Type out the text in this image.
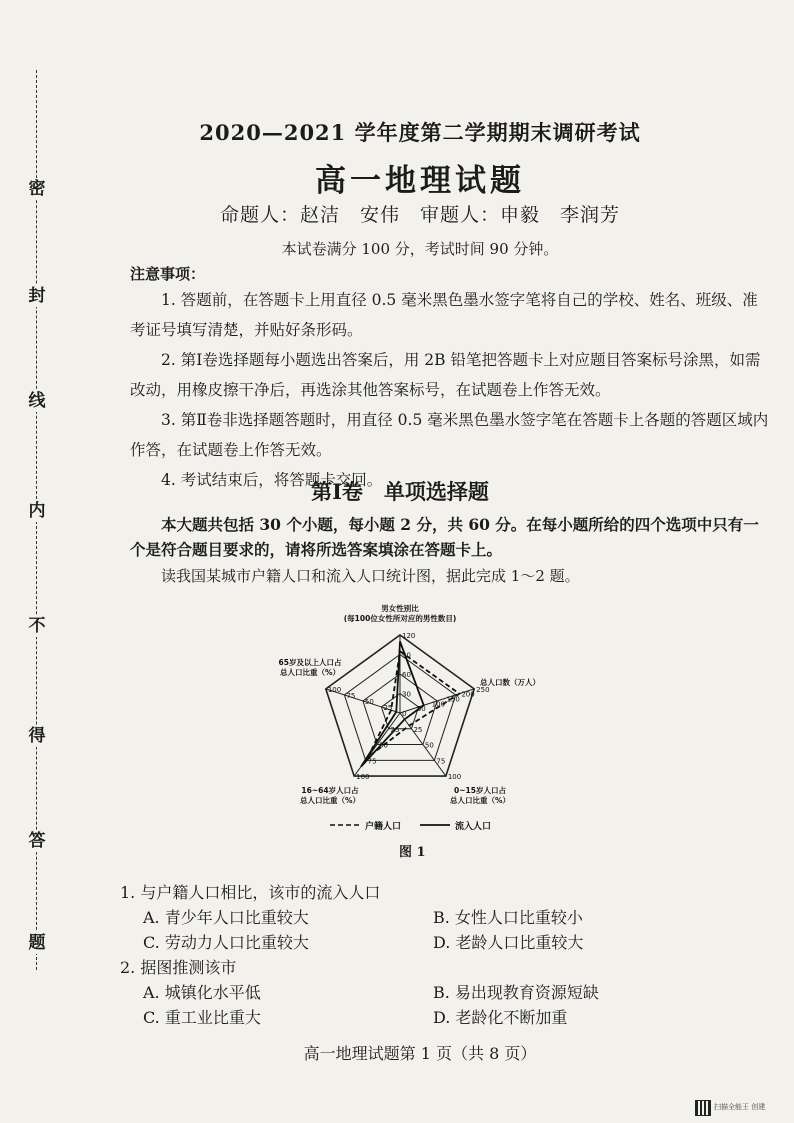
密
封
线
内
不
得
答
题
2020—2021 学年度第二学期期末调研考试
高一地理试题
命题人：赵洁　安伟　审题人：申毅　李润芳
本试卷满分 100 分，考试时间 90 分钟。
注意事项：

1. 答题前，在答题卡上用直径 0.5 毫米黑色墨水签字笔将自己的学校、姓名、班级、准考证号填写清楚，并贴好条形码。

2. 第Ⅰ卷选择题每小题选出答案后，用 2B 铅笔把答题卡上对应题目答案标号涂黑，如需改动，用橡皮擦干净后，再选涂其他答案标号，在试题卷上作答无效。

3. 第Ⅱ卷非选择题答题时，用直径 0.5 毫米黑色墨水签字笔在答题卡上各题的答题区域内作答，在试题卷上作答无效。

4. 考试结束后，将答题卡交回。

第Ⅰ卷　单项选择题
本大题共包括 30 个小题，每小题 2 分，共 60 分。在每小题所给的四个选项中只有一个是符合题目要求的，请将所选答案填涂在答题卡上。
读我国某城市户籍人口和流入人口统计图，据此完成 1～2 题。
0
30
60
90
120
50
100
150
200
250
25
50
75
100
25
50
75
100
25
50
75
100
男女性别比
(每100位女性所对应的男性数目)
总人口数（万人）
0~15岁人口占
总人口比重（%）
16~64岁人口占
总人口比重（%）
65岁及以上人口占
总人口比重（%）
户籍人口	流入人口
图 1
1. 与户籍人口相比，该市的流入人口
A. 青少年人口比重较大	B. 女性人口比重较小
C. 劳动力人口比重较大	D. 老龄人口比重较大
2. 据图推测该市
A. 城镇化水平低	B. 易出现教育资源短缺
C. 重工业比重大	D. 老龄化不断加重
高一地理试题第 1 页（共 8 页）
扫描全能王 创建
